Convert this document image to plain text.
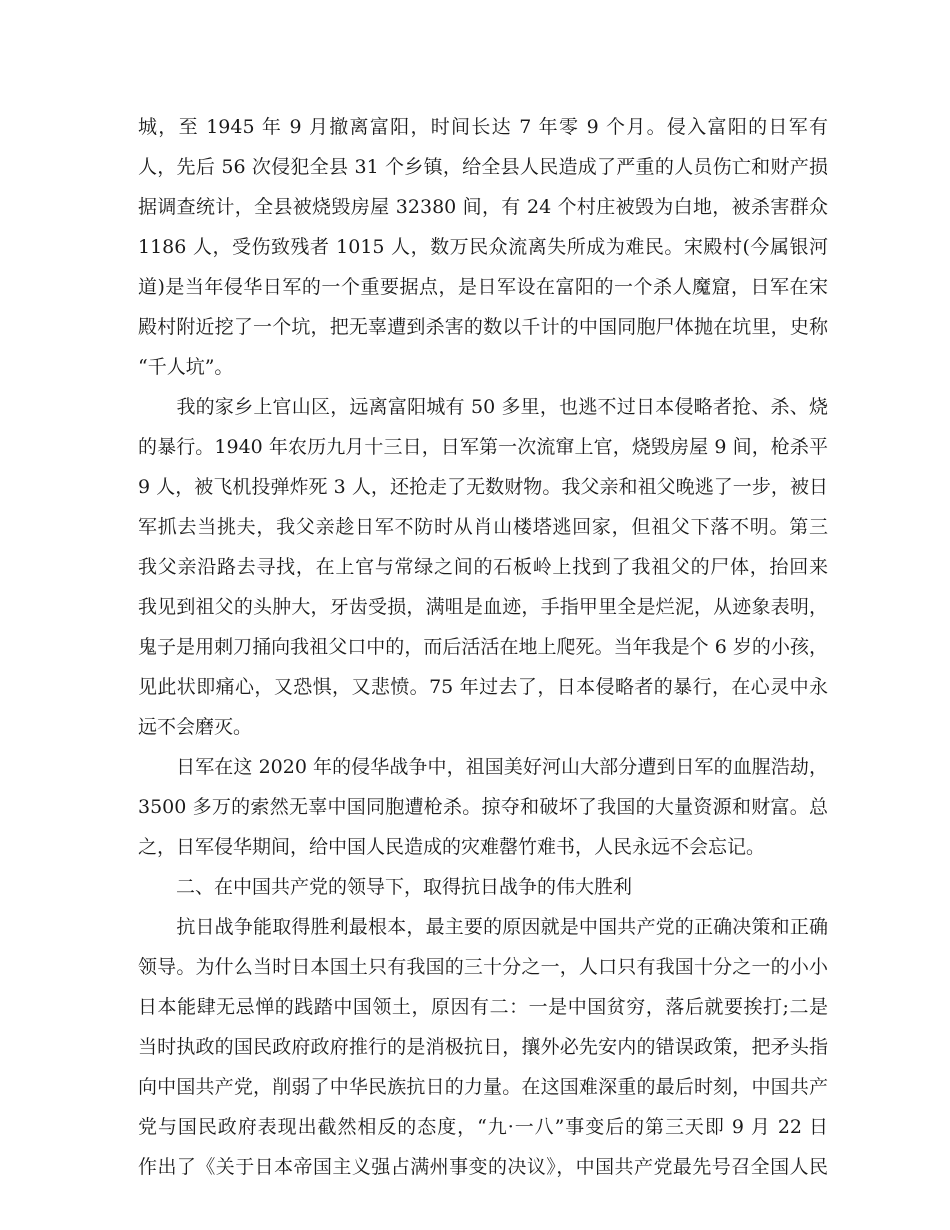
城，至 1945 年 9 月撤离富阳，时间长达 7 年零 9 个月。侵入富阳的日军有
人，先后 56 次侵犯全县 31 个乡镇，给全县人民造成了严重的人员伤亡和财产损
据调查统计，全县被烧毁房屋 32380 间，有 24 个村庄被毁为白地，被杀害群众
1186 人，受伤致残者 1015 人，数万民众流离失所成为难民。宋殿村(今属银河
道)是当年侵华日军的一个重要据点，是日军设在富阳的一个杀人魔窟，日军在宋
殿村附近挖了一个坑，把无辜遭到杀害的数以千计的中国同胞尸体抛在坑里，史称
“千人坑”。
　　我的家乡上官山区，远离富阳城有 50 多里，也逃不过日本侵略者抢、杀、烧
的暴行。1940 年农历九月十三日，日军第一次流窜上官，烧毁房屋 9 间，枪杀平
9 人，被飞机投弹炸死 3 人，还抢走了无数财物。我父亲和祖父晚逃了一步，被日
军抓去当挑夫，我父亲趁日军不防时从肖山楼塔逃回家，但祖父下落不明。第三
我父亲沿路去寻找，在上官与常绿之间的石板岭上找到了我祖父的尸体，抬回来
我见到祖父的头肿大，牙齿受损，满咀是血迹，手指甲里全是烂泥，从迹象表明，
鬼子是用刺刀捅向我祖父口中的，而后活活在地上爬死。当年我是个 6 岁的小孩，
见此状即痛心，又恐惧，又悲愤。75 年过去了，日本侵略者的暴行，在心灵中永
远不会磨灭。
　　日军在这 2020 年的侵华战争中，祖国美好河山大部分遭到日军的血腥浩劫，
3500 多万的索然无辜中国同胞遭枪杀。掠夺和破坏了我国的大量资源和财富。总
之，日军侵华期间，给中国人民造成的灾难罄竹难书，人民永远不会忘记。
　　二、在中国共产党的领导下，取得抗日战争的伟大胜利
　　抗日战争能取得胜利最根本，最主要的原因就是中国共产党的正确决策和正确
领导。为什么当时日本国土只有我国的三十分之一，人口只有我国十分之一的小小
日本能肆无忌惮的践踏中国领土，原因有二：一是中国贫穷，落后就要挨打;二是
当时执政的国民政府政府推行的是消极抗日，攘外必先安内的错误政策，把矛头指
向中国共产党，削弱了中华民族抗日的力量。在这国难深重的最后时刻，中国共产
党与国民政府表现出截然相反的态度，“九·一八”事变后的第三天即 9 月 22 日
作出了《关于日本帝国主义强占满州事变的决议》，中国共产党最先号召全国人民
